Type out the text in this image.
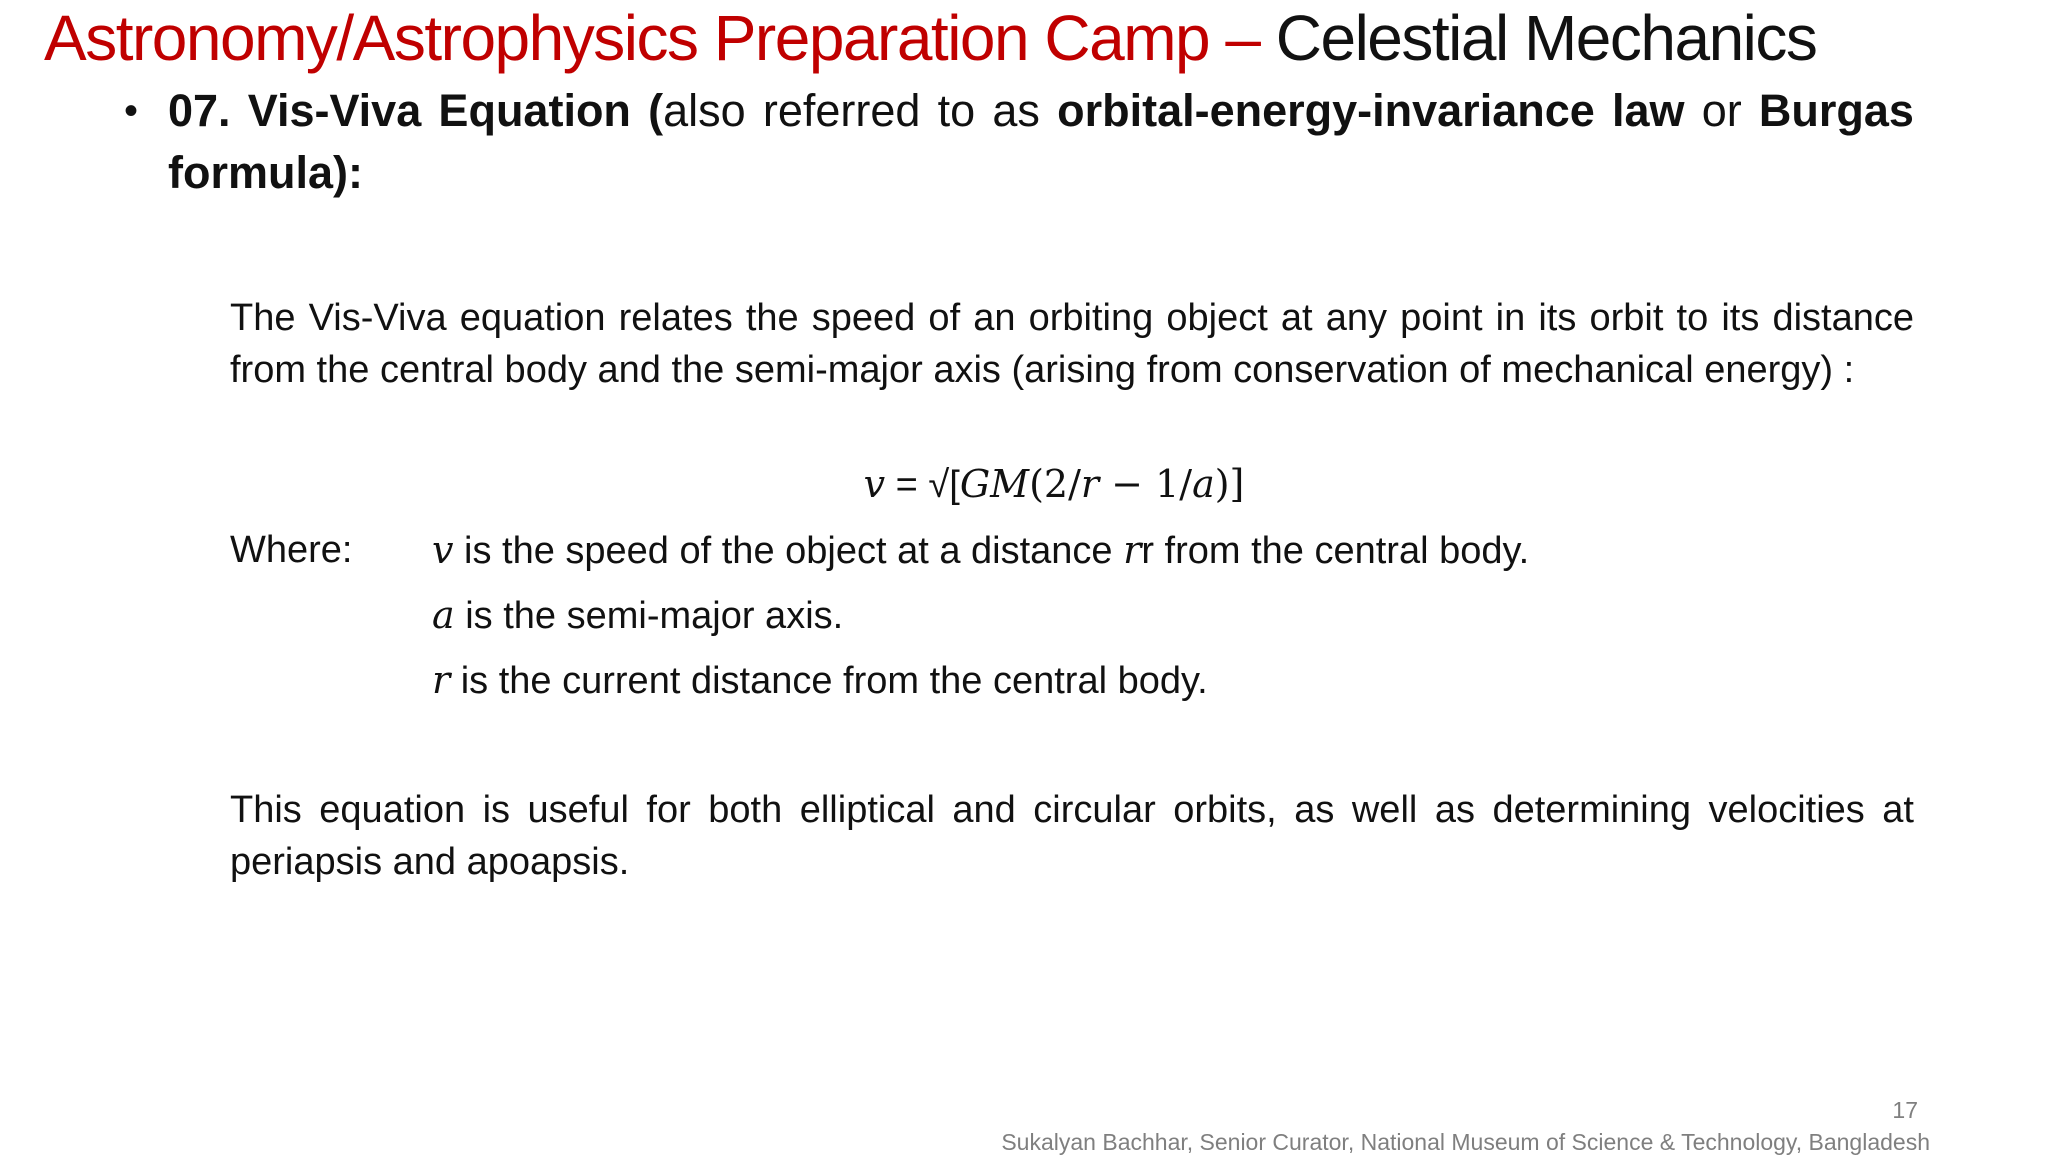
Astronomy/Astrophysics Preparation Camp – Celestial Mechanics
• 07. Vis-Viva Equation (also referred to as orbital-energy-invariance law or Burgas formula):
The Vis-Viva equation relates the speed of an orbiting object at any point in its orbit to its distance from the central body and the semi-major axis (arising from conservation of mechanical energy) :
v = √[GM(2/r − 1/a)]
Where: v is the speed of the object at a distance rr from the central body.
a is the semi-major axis.
r is the current distance from the central body.
This equation is useful for both elliptical and circular orbits, as well as determining velocities at periapsis and apoapsis.
17
Sukalyan Bachhar, Senior Curator, National Museum of Science & Technology, Bangladesh
